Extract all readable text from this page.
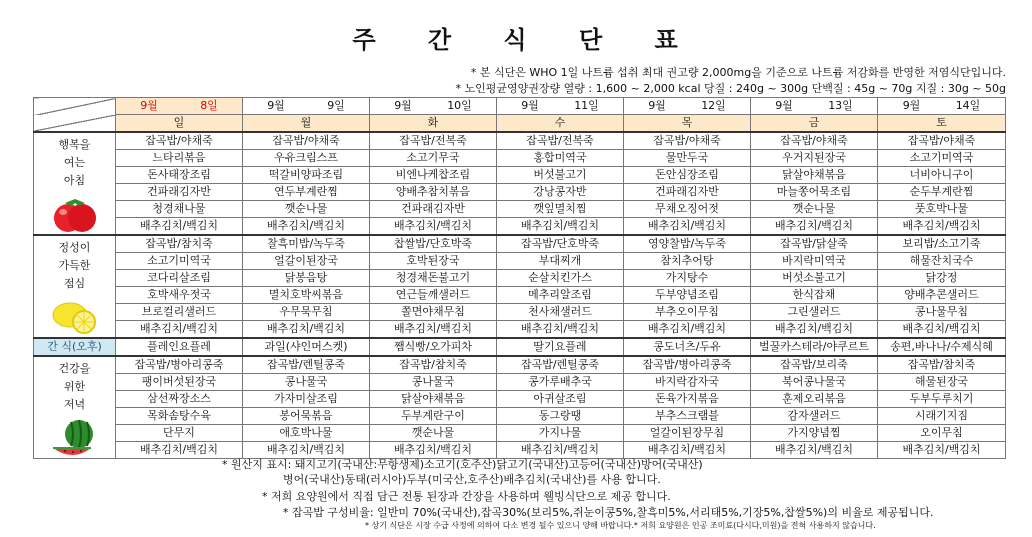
주 간 식 단 표
* 본 식단은 WHO 1일 나트륨 섭취 최대 권고량 2,000mg을 기준으로 나트륨 저감화를 반영한 저염식단입니다.
* 노인평균영양권장량 열량 : 1,600 ~ 2,000 kcal 당질 : 240g ~ 300g 단백질 : 45g ~ 70g 지질 : 30g ~ 50g
	9월 8일	9월 9일	9월 10일	9월 11일	9월 12일	9월 13일	9월 14일
	일	월	화	수	목	금	토

행복을
여는
아침	잡곡밥/야채죽	잡곡밥/야채죽	잡곡밥/전복죽	잡곡밥/전복죽	잡곡밥/야채죽	잡곡밥/야채죽	잡곡밥/야채죽
	느타리볶음	우유크림스프	소고기무국	홍합미역국	물만두국	우거지된장국	소고기미역국
	돈사태장조림	떡갈비양파조림	비엔나케찹조림	버섯불고기	돈안심장조림	닭살야채볶음	너비아니구이
	건파래김자반	연두부계란찜	양배추참치볶음	강낭콩자반	건파래김자반	마늘쫑어묵조림	순두부계란찜
	청경채나물	깻순나물	건파래김자반	깻잎멸치찜	무채오징어젓	깻순나물	풋호박나물
	배추김치/백김치	배추김치/백김치	배추김치/백김치	배추김치/백김치	배추김치/백김치	배추김치/백김치	배추김치/백김치

정성이
가득한
점심	잡곡밥/참치죽	찰흑미밥/녹두죽	찹쌀밥/단호박죽	잡곡밥/단호박죽	영양찰밥/녹두죽	잡곡밥/닭살죽	보리밥/소고기죽
	소고기미역국	얼갈이된장국	호박된장국	부대찌개	참치추어탕	바지락미역국	해물잔치국수
	코다리살조림	닭봉음탕	청경채돈불고기	순살치킨가스	가지탕수	버섯소불고기	닭강정
	호박새우젓국	멸치호박씨볶음	연근들깨샐러드	메추리알조림	두부양념조림	한식잡채	양배추콘샐러드
	브로컬리샐러드	우무묵무침	쫄면야채무침	천사채샐러드	부추오이무침	그린샐러드	콩나물무침
	배추김치/백김치	배추김치/백김치	배추김치/백김치	배추김치/백김치	배추김치/백김치	배추김치/백김치	배추김치/백김치
간 식(오후)	플레인요플레	과일(샤인머스켓)	쨈식빵/오가피차	딸기요플레	콩도너츠/두유	벌꿀카스테라/야쿠르트	송편,바나나/수제식혜

건강을
위한
저녁	잡곡밥/병아리콩죽	잡곡밥/렌틸콩죽	잡곡밥/참치죽	잡곡밥/렌틸콩죽	잡곡밥/병아리콩죽	잡곡밥/보리죽	잡곡밥/참치죽
	팽이버섯된장국	콩나물국	콩나물국	콩가루배추국	바지락감자국	북어콩나물국	해물된장국
	삼선짜장소스	가자미살조림	닭살야채볶음	아귀살조림	돈육가지볶음	훈제오리볶음	두부두루치기
	목화솜탕수육	봉어묵볶음	두부계란구이	동그랑땡	부추스크램블	감자샐러드	시래기지짐
	단무지	애호박나물	깻순나물	가지나물	얼갈이된장무침	가지양념찜	오이무침
	배추김치/백김치	배추김치/백김치	배추김치/백김치	배추김치/백김치	배추김치/백김치	배추김치/백김치	배추김치/백김치
* 원산지 표시: 돼지고기(국내산:무항생제)소고기(호주산)닭고기(국내산)고등어(국내산)방어(국내산)
병어(국내산)동태(러시아)두부(미국산,호주산)배추김치(국내산)를 사용 합니다.
* 저희 요양원에서 직접 담근 전통 된장과 간장을 사용하며 웰빙식단으로 제공 합니다.
* 잡곡밥 구성비율: 일반미 70%(국내산),잡곡30%(보리5%,쥐눈이콩5%,찰흑미5%,서리태5%,기장5%,찹쌀5%)의 비율로 제공됩니다.
* 상기 식단은 시장 수급 사정에 의하여 다소 변경 될수 있으니 양해 바랍니다.* 저희 요양원은 인공 조미료(다시다,미원)을 전혀 사용하지 않습니다.
